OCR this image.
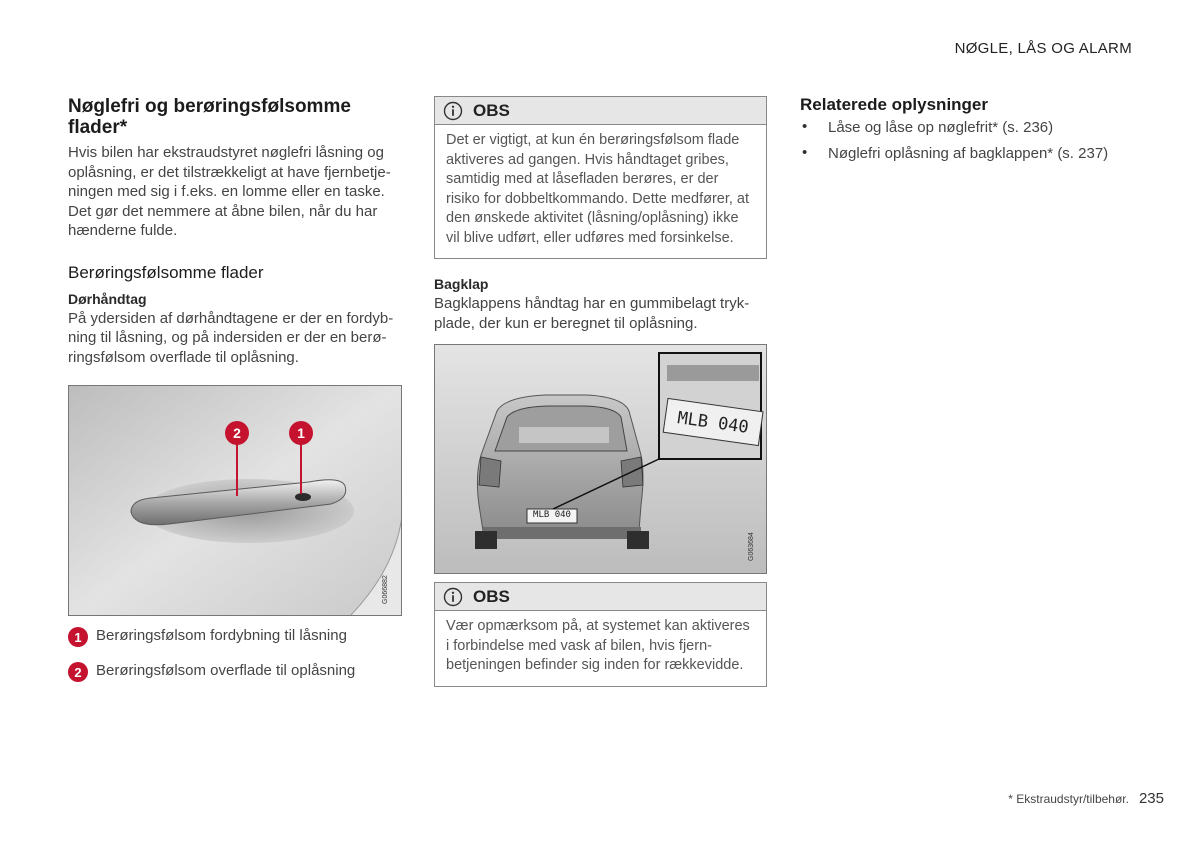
NØGLE, LÅS OG ALARM
Nøglefri og berøringsfølsomme flader*

Hvis bilen har ekstraudstyret nøglefri låsning og oplåsning, er det tilstrækkeligt at have fjernbetjeningen med sig i f.eks. en lomme eller en taske. Det gør det nemmere at åbne bilen, når du har hænderne fulde.

Berøringsfølsomme flader
Dørhåndtag

På ydersiden af dørhåndtagene er der en fordybning til låsning, og på indersiden er der en berøringsfølsom overflade til oplåsning.

2	1
G066882
1 Berøringsfølsom fordybning til låsning
2 Berøringsfølsom overflade til oplåsning
OBS
Det er vigtigt, at kun én berøringsfølsom flade aktiveres ad gangen. Hvis håndtaget gribes, samtidig med at låsefladen berøres, er der risiko for dobbeltkommando. Dette medfører, at den ønskede aktivitet (låsning/oplåsning) ikke vil blive udført, eller udføres med forsinkelse.
Bagklap

Bagklappens håndtag har en gummibelagt trykplade, der kun er beregnet til oplåsning.

MLB 040
MLB 040
G063684
OBS
Vær opmærksom på, at systemet kan aktiveres i forbindelse med vask af bilen, hvis fjernbetjeningen befinder sig inden for rækkevidde.
Relaterede oplysninger
• Låse og låse op nøglefrit* (s. 236)
• Nøglefri oplåsning af bagklappen* (s. 237)
* Ekstraudstyr/tilbehør. 235
